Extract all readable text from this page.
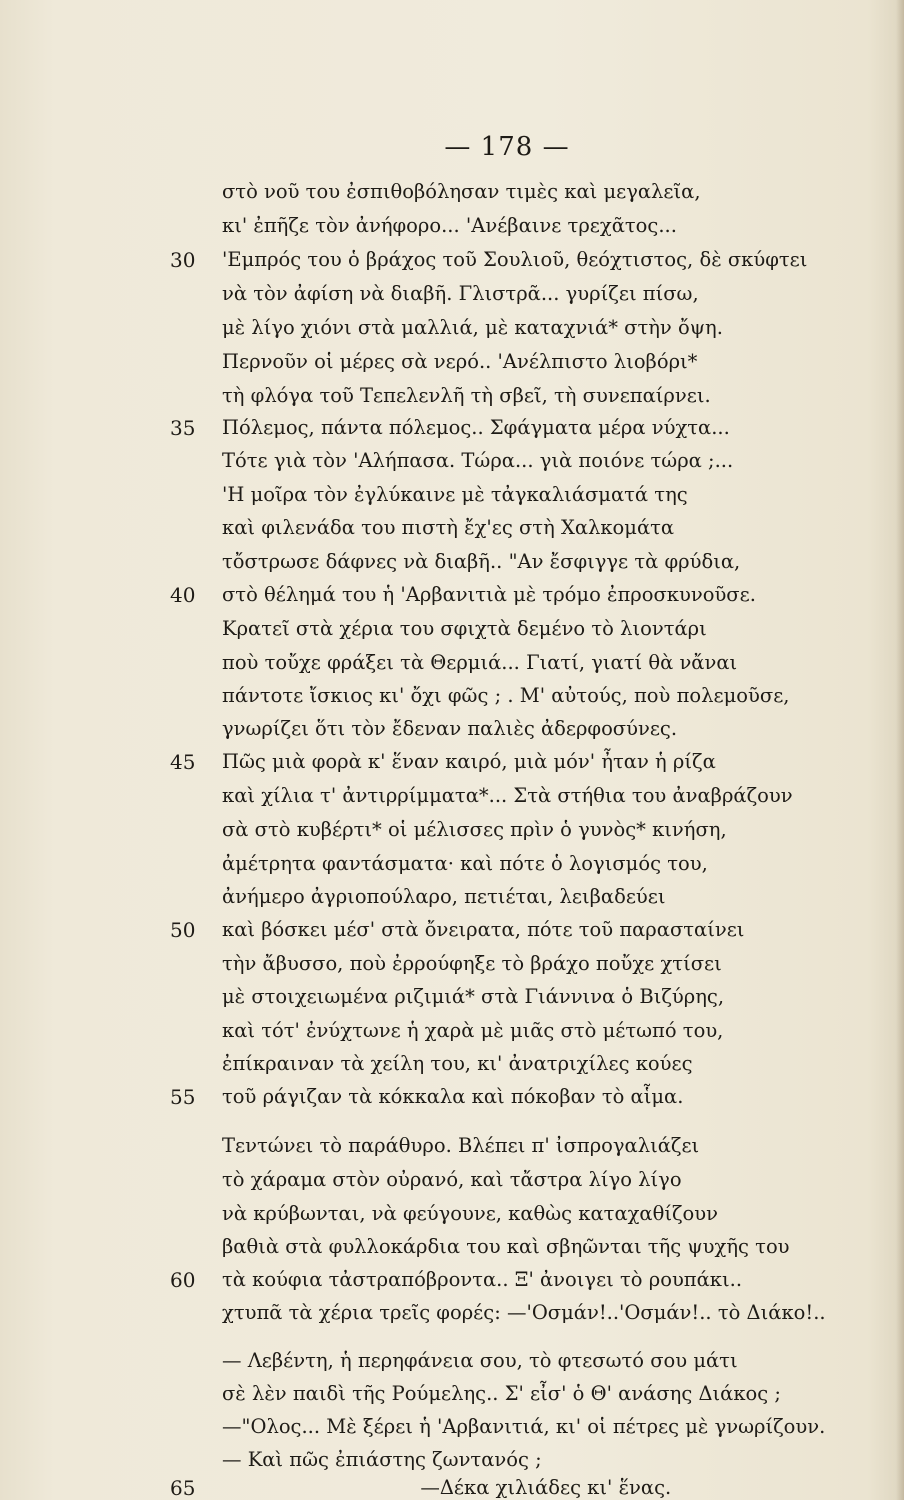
— 178 —
στὸ νοῦ του ἐσπιθοβόλησαν τιμὲς καὶ μεγαλεῖα,
κι' ἐπῆζε τὸν ἀνήφορο... 'Ανέβαινε τρεχᾶτος...
30	'Εμπρός του ὁ βράχος τοῦ Σουλιοῦ, θεόχτιστος, δὲ σκύφτει
νὰ τὸν ἀφίση νὰ διαβῆ. Γλιστρᾶ... γυρίζει πίσω,
μὲ λίγο χιόνι στὰ μαλλιά, μὲ καταχνιά* στὴν ὄψη.
Περνοῦν οἱ μέρες σὰ νερό.. 'Ανέλπιστο λιοβόρι*
τὴ φλόγα τοῦ Τεπελενλῆ τὴ σβεῖ, τὴ συνεπαίρνει.
35	Πόλεμος, πάντα πόλεμος.. Σφάγματα μέρα νύχτα...
Τότε γιὰ τὸν 'Αλήπασα. Τώρα... γιὰ ποιόνε τώρα ;...
'Η μοῖρα τὸν ἐγλύκαινε μὲ τἀγκαλιάσματά της
καὶ φιλενάδα του πιστὴ ἔχ'ες στὴ Χαλκομάτα
τὄστρωσε δάφνες νὰ διαβῆ.. "Αν ἔσφιγγε τὰ φρύδια,
40	στὸ θέλημά του ἡ 'Αρβανιτιὰ μὲ τρόμο ἐπροσκυνοῦσε.
Κρατεῖ στὰ χέρια του σφιχτὰ δεμένο τὸ λιοντάρι
ποὺ τοὔχε φράξει τὰ Θερμιά... Γιατί, γιατί θὰ νἄναι
πάντοτε ἴσκιος κι' ὄχι φῶς ; . Μ' αὐτούς, ποὺ πολεμοῦσε,
γνωρίζει ὅτι τὸν ἔδεναν παλιὲς ἀδερφοσύνες.
45	Πῶς μιὰ φορὰ κ' ἕναν καιρό, μιὰ μόν' ἦταν ἡ ρίζα
καὶ χίλια τ' ἀντιρρίμματα*... Στὰ στήθια του ἀναβράζουν
σὰ στὸ κυβέρτι* οἱ μέλισσες πρὶν ὁ γυνὸς* κινήση,
ἀμέτρητα φαντάσματα· καὶ πότε ὁ λογισμός του,
ἀνήμερο ἀγριοπούλαρο, πετιέται, λειβαδεύει
50	καὶ βόσκει μέσ' στὰ ὄνειρατα, πότε τοῦ παρασταίνει
τὴν ἄβυσσο, ποὺ ἐρρούφηξε τὸ βράχο ποὔχε χτίσει
μὲ στοιχειωμένα ριζιμιά* στὰ Γιάννινα ὁ Βιζύρης,
καὶ τότ' ἐνύχτωνε ἡ χαρὰ μὲ μιᾶς στὸ μέτωπό του,
ἐπίκραιναν τὰ χείλη του, κι' ἀνατριχίλες κούες
55	τοῦ ράγιζαν τὰ κόκκαλα καὶ πόκοβαν τὸ αἷμα.
Τεντώνει τὸ παράθυρο. Βλέπει π' ἰσπρογαλιάζει
τὸ χάραμα στὸν οὐρανό, καὶ τἄστρα λίγο λίγο
νὰ κρύβωνται, νὰ φεύγουνε, καθὼς καταχαθίζουν
βαθιὰ στὰ φυλλοκάρδια του καὶ σβηῶνται τῆς ψυχῆς του
60	τὰ κούφια τἀστραπόβροντα.. Ξ' ἀνοιγει τὸ ρουπάκι..
χτυπᾶ τὰ χέρια τρεῖς φορές: —'Οσμάν!..'Οσμάν!.. τὸ Διάκο!..
— Λεβέντη, ἡ περηφάνεια σου, τὸ φτεσωτό σου μάτι
σὲ λὲν παιδὶ τῆς Ρούμελης.. Σ' εἶσ' ὁ Θ' ανάσης Διάκος ;
—"Ολος... Μὲ ξέρει ἡ 'Αρβανιτιά, κι' οἱ πέτρες μὲ γνωρίζουν.
— Καὶ πῶς ἐπιάστης ζωντανός ;
65	—Δέκα χιλιάδες κι' ἕνας.
